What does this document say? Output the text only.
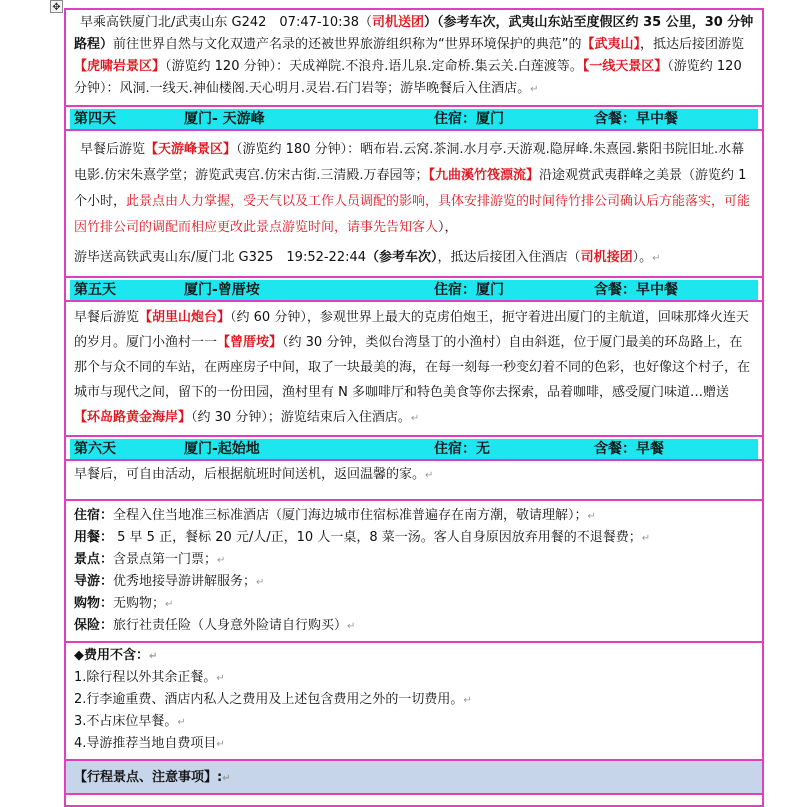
✥

早乘高铁厦门北/武夷山东 G242　07:47-10:38（司机送团）（参考车次，武夷山东站至度假区约 35 公里，30 分钟路程）前往世界自然与文化双遗产名录的还被世界旅游组织称为“世界环境保护的典范”的【武夷山】，抵达后接团游览【虎啸岩景区】（游览约 120 分钟）：天成禅院.不浪舟.语儿泉.定命桥.集云关.白莲渡等。【一线天景区】（游览约 120 分钟）：风洞.一线天.神仙楼阁.天心明月.灵岩.石门岩等；游毕晚餐后入住酒店。↵

第四天	厦门- 天游峰	住宿：厦门	含餐：早中餐

早餐后游览【天游峰景区】（游览约 180 分钟）：晒布岩.云窝.茶洞.水月亭.天游观.隐屏峰.朱熹园.紫阳书院旧址.水幕电影.仿宋朱熹学堂；游览武夷宫.仿宋古街.三清殿.万春园等；【九曲溪竹筏漂流】沿途观赏武夷群峰之美景（游览约 1 个小时，此景点由人力掌握，受天气以及工作人员调配的影响，具体安排游览的时间待竹排公司确认后方能落实，可能因竹排公司的调配而相应更改此景点游览时间，请事先告知客人），

游毕送高铁武夷山东/厦门北 G325　19:52-22:44（参考车次），抵达后接团入住酒店（司机接团）。↵

第五天	厦门-曾厝垵	住宿：厦门	含餐：早中餐

早餐后游览【胡里山炮台】（约 60 分钟），参观世界上最大的克虏伯炮王，扼守着进出厦门的主航道，回味那烽火连天的岁月。厦门小渔村一一【曾厝垵】（约 30 分钟，类似台湾垦丁的小渔村）自由斜逛，位于厦门最美的环岛路上，在那个与众不同的车站，在两座房子中间，取了一块最美的海，在每一刻每一秒变幻着不同的色彩，也好像这个村子，在城市与现代之间，留下的一份田园，渔村里有 N 多咖啡厅和特色美食等你去探索，品着咖啡，感受厦门味道…赠送【环岛路黄金海岸】（约 30 分钟）；游览结束后入住酒店。↵

第六天	厦门-起始地	住宿：无	含餐：早餐
早餐后，可自由活动，后根据航班时间送机，返回温馨的家。↵
住宿：全程入住当地准三标准酒店（厦门海边城市住宿标准普遍存在南方潮，敬请理解）；↵
用餐： 5 早 5 正，餐标 20 元/人/正，10 人一桌，8 菜一汤。客人自身原因放弃用餐的不退餐费；↵
景点：含景点第一门票；↵
导游：优秀地接导游讲解服务；↵
购物：无购物；↵
保险：旅行社责任险（人身意外险请自行购买）↵
◆费用不含：↵
1.除行程以外其余正餐。↵
2.行李逾重费、酒店内私人之费用及上述包含费用之外的一切费用。↵
3.不占床位早餐。↵
4.导游推荐当地自费项目↵
【行程景点、注意事项】:↵
